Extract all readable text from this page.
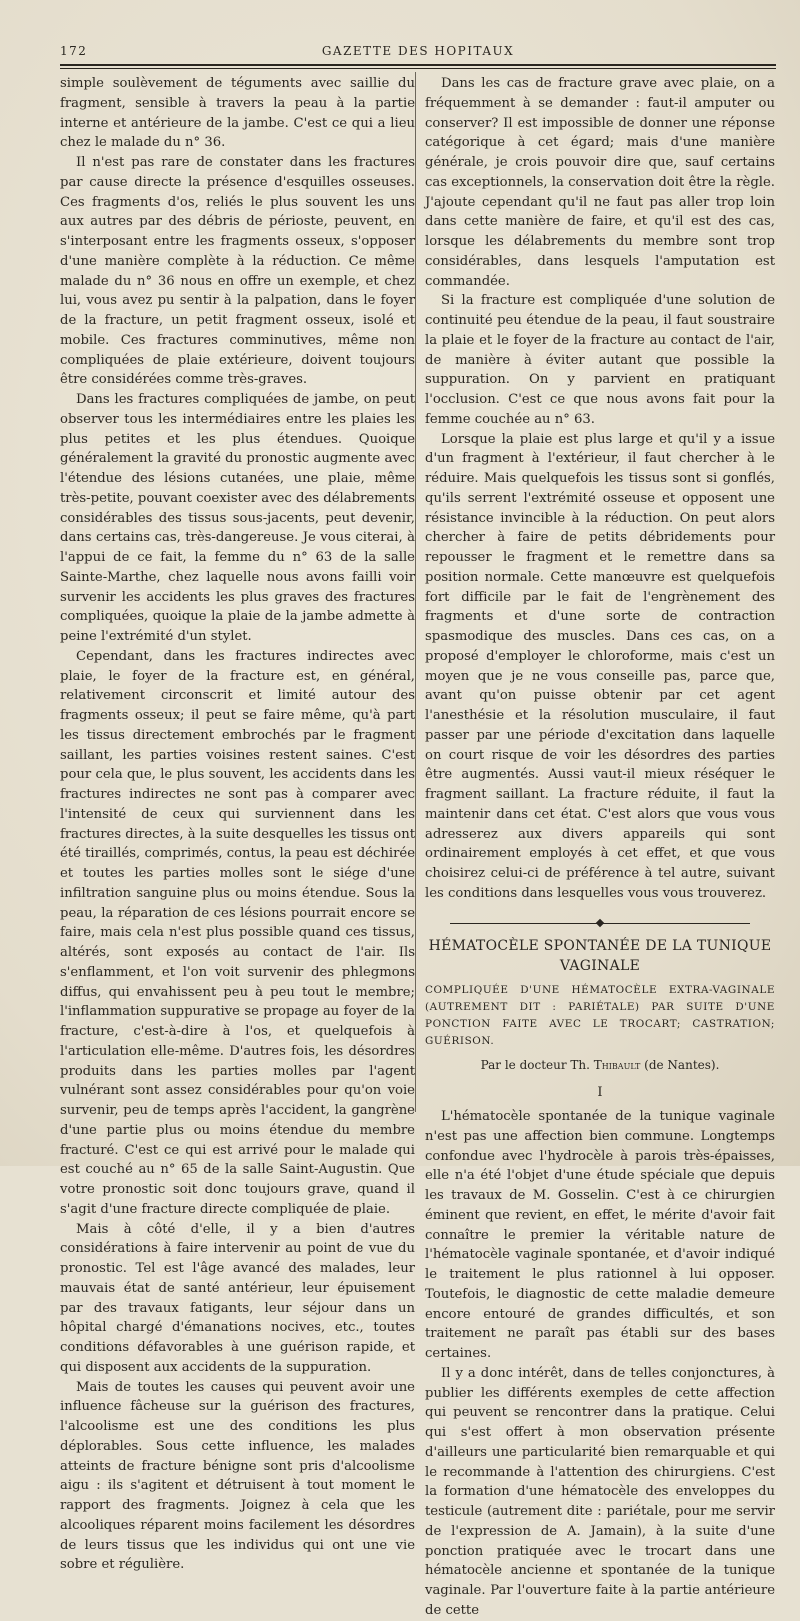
172	GAZETTE DES HOPITAUX

simple soulèvement de téguments avec saillie du fragment, sensible à travers la peau à la partie interne et antérieure de la jambe. C'est ce qui a lieu chez le malade du n° 36.

Il n'est pas rare de constater dans les fractures par cause directe la présence d'esquilles osseuses. Ces fragments d'os, reliés le plus souvent les uns aux autres par des débris de périoste, peuvent, en s'interposant entre les fragments osseux, s'opposer d'une manière complète à la réduction. Ce même malade du n° 36 nous en offre un exemple, et chez lui, vous avez pu sentir à la palpation, dans le foyer de la fracture, un petit fragment osseux, isolé et mobile. Ces fractures comminutives, même non compliquées de plaie extérieure, doivent toujours être considérées comme très-graves.

Dans les fractures compliquées de jambe, on peut observer tous les intermédiaires entre les plaies les plus petites et les plus étendues. Quoique généralement la gravité du pronostic augmente avec l'étendue des lésions cutanées, une plaie, même très-petite, pouvant coexister avec des délabrements considérables des tissus sous-jacents, peut devenir, dans certains cas, très-dangereuse. Je vous citerai, à l'appui de ce fait, la femme du n° 63 de la salle Sainte-Marthe, chez laquelle nous avons failli voir survenir les accidents les plus graves des fractures compliquées, quoique la plaie de la jambe admette à peine l'extrémité d'un stylet.

Cependant, dans les fractures indirectes avec plaie, le foyer de la fracture est, en général, relativement circonscrit et limité autour des fragments osseux; il peut se faire même, qu'à part les tissus directement embrochés par le fragment saillant, les parties voisines restent saines. C'est pour cela que, le plus souvent, les accidents dans les fractures indirectes ne sont pas à comparer avec l'intensité de ceux qui surviennent dans les fractures directes, à la suite desquelles les tissus ont été tiraillés, comprimés, contus, la peau est déchirée et toutes les parties molles sont le siége d'une infiltration sanguine plus ou moins étendue. Sous la peau, la réparation de ces lésions pourrait encore se faire, mais cela n'est plus possible quand ces tissus, altérés, sont exposés au contact de l'air. Ils s'enflamment, et l'on voit survenir des phlegmons diffus, qui envahissent peu à peu tout le membre; l'inflammation suppurative se propage au foyer de la fracture, c'est-à-dire à l'os, et quelquefois à l'articulation elle-même. D'autres fois, les désordres produits dans les parties molles par l'agent vulnérant sont assez considérables pour qu'on voie survenir, peu de temps après l'accident, la gangrène d'une partie plus ou moins étendue du membre fracturé. C'est ce qui est arrivé pour le malade qui est couché au n° 65 de la salle Saint-Augustin. Que votre pronostic soit donc toujours grave, quand il s'agit d'une fracture directe compliquée de plaie.

Mais à côté d'elle, il y a bien d'autres considérations à faire intervenir au point de vue du pronostic. Tel est l'âge avancé des malades, leur mauvais état de santé antérieur, leur épuisement par des travaux fatigants, leur séjour dans un hôpital chargé d'émanations nocives, etc., toutes conditions défavorables à une guérison rapide, et qui disposent aux accidents de la suppuration.

Mais de toutes les causes qui peuvent avoir une influence fâcheuse sur la guérison des fractures, l'alcoolisme est une des conditions les plus déplorables. Sous cette influence, les malades atteints de fracture bénigne sont pris d'alcoolisme aigu : ils s'agitent et détruisent à tout moment le rapport des fragments. Joignez à cela que les alcooliques réparent moins facilement les désordres de leurs tissus que les individus qui ont une vie sobre et régulière.

Dans les cas de fracture grave avec plaie, on a fréquemment à se demander : faut-il amputer ou conserver? Il est impossible de donner une réponse catégorique à cet égard; mais d'une manière générale, je crois pouvoir dire que, sauf certains cas exceptionnels, la conservation doit être la règle. J'ajoute cependant qu'il ne faut pas aller trop loin dans cette manière de faire, et qu'il est des cas, lorsque les délabrements du membre sont trop considérables, dans lesquels l'amputation est commandée.

Si la fracture est compliquée d'une solution de continuité peu étendue de la peau, il faut soustraire la plaie et le foyer de la fracture au contact de l'air, de manière à éviter autant que possible la suppuration. On y parvient en pratiquant l'occlusion. C'est ce que nous avons fait pour la femme couchée au n° 63.

Lorsque la plaie est plus large et qu'il y a issue d'un fragment à l'extérieur, il faut chercher à le réduire. Mais quelquefois les tissus sont si gonflés, qu'ils serrent l'extrémité osseuse et opposent une résistance invincible à la réduction. On peut alors chercher à faire de petits débridements pour repousser le fragment et le remettre dans sa position normale. Cette manœuvre est quelquefois fort difficile par le fait de l'engrènement des fragments et d'une sorte de contraction spasmodique des muscles. Dans ces cas, on a proposé d'employer le chloroforme, mais c'est un moyen que je ne vous conseille pas, parce que, avant qu'on puisse obtenir par cet agent l'anesthésie et la résolution musculaire, il faut passer par une période d'excitation dans laquelle on court risque de voir les désordres des parties être augmentés. Aussi vaut-il mieux réséquer le fragment saillant. La fracture réduite, il faut la maintenir dans cet état. C'est alors que vous vous adresserez aux divers appareils qui sont ordinairement employés à cet effet, et que vous choisirez celui-ci de préférence à tel autre, suivant les conditions dans lesquelles vous vous trouverez.

HÉMATOCÈLE SPONTANÉE DE LA TUNIQUE VAGINALE
COMPLIQUÉE D'UNE HÉMATOCÈLE EXTRA-VAGINALE (AUTREMENT DIT : PARIÉTALE) PAR SUITE D'UNE PONCTION FAITE AVEC LE TROCART; CASTRATION; GUÉRISON.
Par le docteur Th. Thibault (de Nantes).
I

L'hématocèle spontanée de la tunique vaginale n'est pas une affection bien commune. Longtemps confondue avec l'hydrocèle à parois très-épaisses, elle n'a été l'objet d'une étude spéciale que depuis les travaux de M. Gosselin. C'est à ce chirurgien éminent que revient, en effet, le mérite d'avoir fait connaître le premier la véritable nature de l'hématocèle vaginale spontanée, et d'avoir indiqué le traitement le plus rationnel à lui opposer. Toutefois, le diagnostic de cette maladie demeure encore entouré de grandes difficultés, et son traitement ne paraît pas établi sur des bases certaines.

Il y a donc intérêt, dans de telles conjonctures, à publier les différents exemples de cette affection qui peuvent se rencontrer dans la pratique. Celui qui s'est offert à mon observation présente d'ailleurs une particularité bien remarquable et qui le recommande à l'attention des chirurgiens. C'est la formation d'une hématocèle des enveloppes du testicule (autrement dite : pariétale, pour me servir de l'expression de A. Jamain), à la suite d'une ponction pratiquée avec le trocart dans une hématocèle ancienne et spontanée de la tunique vaginale. Par l'ouverture faite à la partie antérieure de cette
